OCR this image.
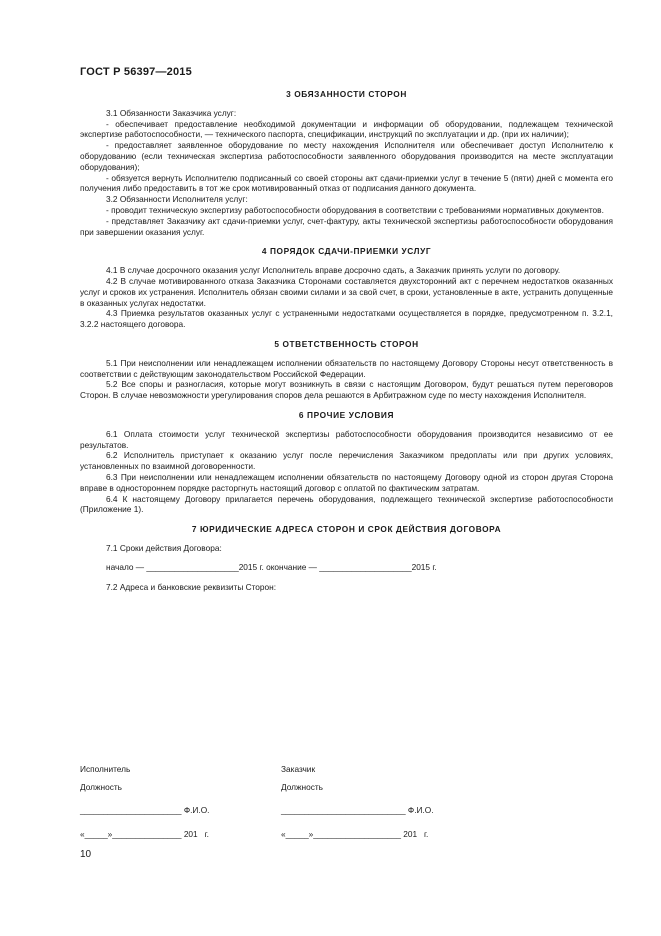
ГОСТ Р 56397—2015
3 ОБЯЗАННОСТИ СТОРОН

3.1 Обязанности Заказчика услуг:

- обеспечивает предоставление необходимой документации и информации об оборудовании, подлежащем технической экспертизе работоспособности, — технического паспорта, спецификации, инструкций по эксплуатации и др. (при их наличии);

- предоставляет заявленное оборудование по месту нахождения Исполнителя или обеспечивает доступ Исполнителю к оборудованию (если техническая экспертиза работоспособности заявленного оборудования производится на месте эксплуатации оборудования);

- обязуется вернуть Исполнителю подписанный со своей стороны акт сдачи-приемки услуг в течение 5 (пяти) дней с момента его получения либо предоставить в тот же срок мотивированный отказ от подписания данного документа.

3.2 Обязанности Исполнителя услуг:

- проводит техническую экспертизу работоспособности оборудования в соответствии с требованиями нормативных документов.

- представляет Заказчику акт сдачи-приемки услуг, счет-фактуру, акты технической экспертизы работоспособности оборудования при завершении оказания услуг.

4 ПОРЯДОК СДАЧИ-ПРИЕМКИ УСЛУГ

4.1 В случае досрочного оказания услуг Исполнитель вправе досрочно сдать, а Заказчик принять услуги по договору.

4.2 В случае мотивированного отказа Заказчика Сторонами составляется двухсторонний акт с перечнем недостатков оказанных услуг и сроков их устранения. Исполнитель обязан своими силами и за свой счет, в сроки, установленные в акте, устранить допущенные в оказанных услугах недостатки.

4.3 Приемка результатов оказанных услуг с устраненными недостатками осуществляется в порядке, предусмотренном п. 3.2.1, 3.2.2 настоящего договора.

5 ОТВЕТСТВЕННОСТЬ СТОРОН

5.1 При неисполнении или ненадлежащем исполнении обязательств по настоящему Договору Стороны несут ответственность в соответствии с действующим законодательством Российской Федерации.

5.2 Все споры и разногласия, которые могут возникнуть в связи с настоящим Договором, будут решаться путем переговоров Сторон. В случае невозможности урегулирования споров дела решаются в Арбитражном суде по месту нахождения Исполнителя.

6 ПРОЧИЕ УСЛОВИЯ

6.1 Оплата стоимости услуг технической экспертизы работоспособности оборудования производится независимо от ее результатов.

6.2 Исполнитель приступает к оказанию услуг после перечисления Заказчиком предоплаты или при других условиях, установленных по взаимной договоренности.

6.3 При неисполнении или ненадлежащем исполнении обязательств по настоящему Договору одной из сторон другая Сторона вправе в одностороннем порядке расторгнуть настоящий договор с оплатой по фактическим затратам.

6.4 К настоящему Договору прилагается перечень оборудования, подлежащего технической экспертизе работоспособности (Приложение 1).

7 ЮРИДИЧЕСКИЕ АДРЕСА СТОРОН И СРОК ДЕЙСТВИЯ ДОГОВОРА

7.1 Сроки действия Договора:

начало — ____________________2015 г. окончание — ____________________2015 г.

7.2 Адреса и банковские реквизиты Сторон:

Исполнитель	Заказчик
Должность	Должность
______________________ Ф.И.О.	___________________________ Ф.И.О.
«_____»_______________ 201   г.	«_____»___________________ 201   г.
10
